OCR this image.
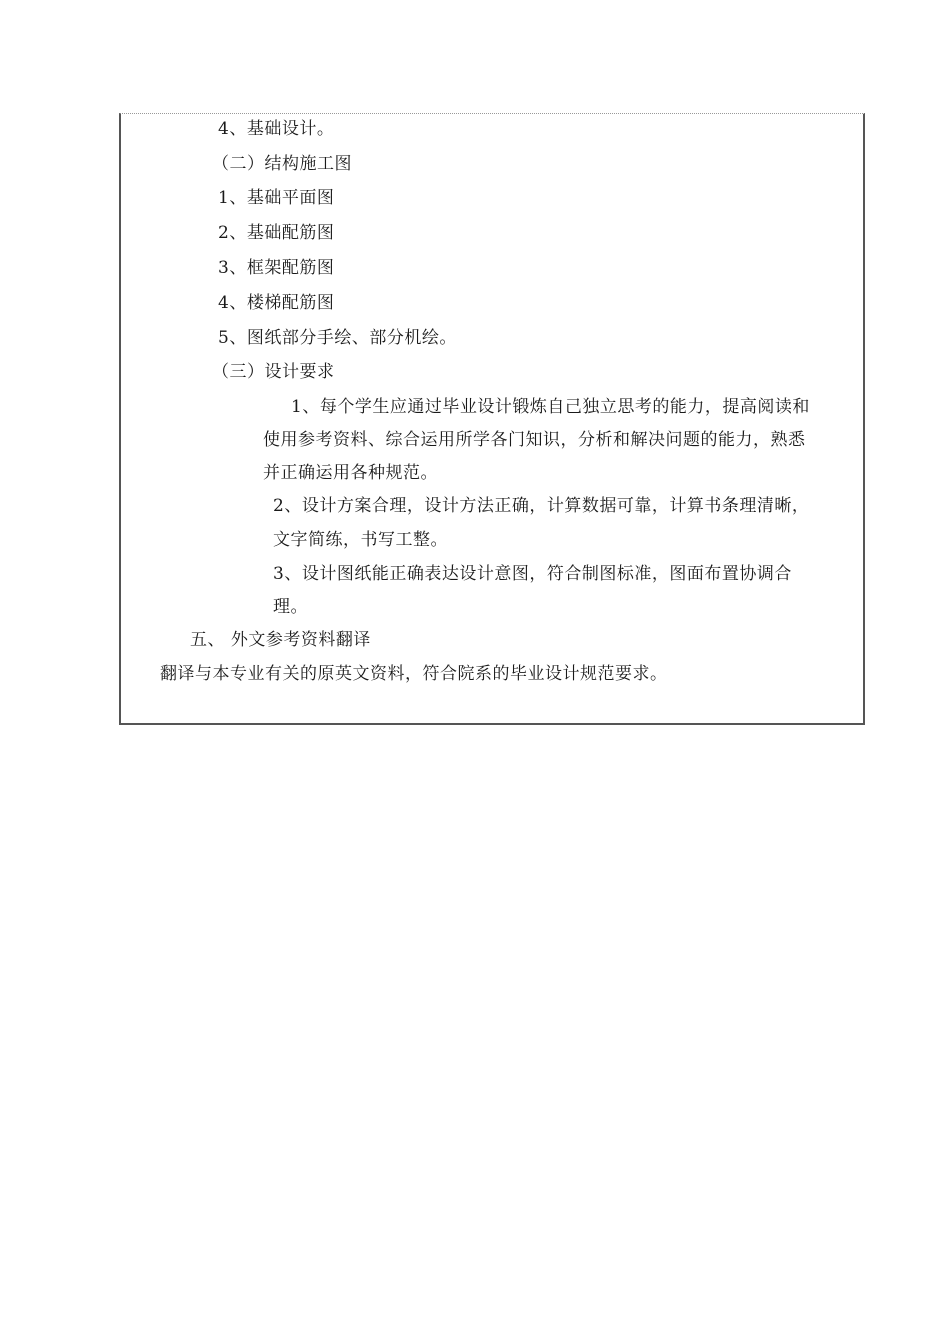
4、基础设计。
（二）结构施工图
1、基础平面图
2、基础配筋图
3、框架配筋图
4、楼梯配筋图
5、图纸部分手绘、部分机绘。
（三）设计要求
1、每个学生应通过毕业设计锻炼自己独立思考的能力，提高阅读和
使用参考资料、综合运用所学各门知识，分析和解决问题的能力，熟悉
并正确运用各种规范。
2、设计方案合理，设计方法正确，计算数据可靠，计算书条理清晰，
文字简练，书写工整。
3、设计图纸能正确表达设计意图，符合制图标准，图面布置协调合
理。
五、 外文参考资料翻译
翻译与本专业有关的原英文资料，符合院系的毕业设计规范要求。
